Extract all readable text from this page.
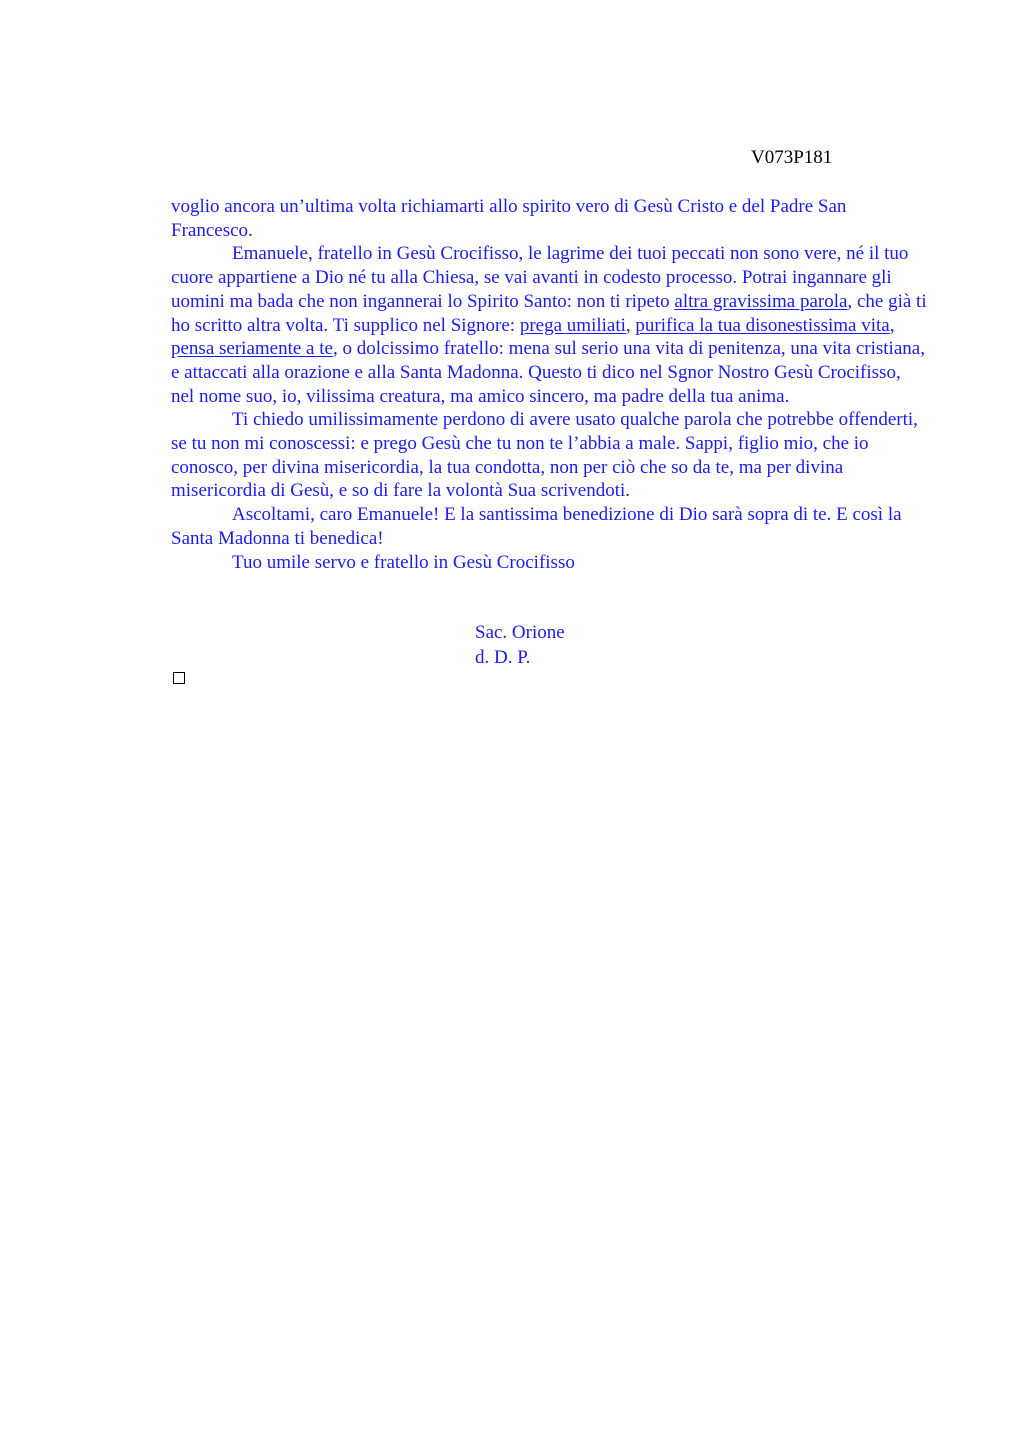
V073P181

voglio ancora un’ultima volta richiamarti allo spirito vero di Gesù Cristo e del Padre San Francesco.

Emanuele, fratello in Gesù Crocifisso, le lagrime dei tuoi peccati non sono vere, né il tuo cuore appartiene a Dio né tu alla Chiesa, se vai avanti in codesto processo. Potrai ingannare gli uomini ma bada che non ingannerai lo Spirito Santo: non ti ripeto altra gravissima parola, che già ti ho scritto altra volta. Ti supplico nel Signore: prega umiliati, purifica la tua disonestissima vita, pensa seriamente a te, o dolcissimo fratello: mena sul serio una vita di penitenza, una vita cristiana, e attaccati alla orazione e alla Santa Madonna. Questo ti dico nel Sgnor Nostro Gesù Crocifisso, nel nome suo, io, vilissima creatura, ma amico sincero, ma padre della tua anima.

Ti chiedo umilissimamente perdono di avere usato qualche parola che potrebbe offenderti, se tu non mi conoscessi: e prego Gesù che tu non te l’abbia a male. Sappi, figlio mio, che io conosco, per divina misericordia, la tua condotta, non per ciò che so da te, ma per divina misericordia di Gesù, e so di fare la volontà Sua scrivendoti.

Ascoltami, caro Emanuele! E la santissima benedizione di Dio sarà sopra di te. E così la Santa Madonna ti benedica!

Tuo umile servo e fratello in Gesù Crocifisso

Sac. Orione
d. D. P.
